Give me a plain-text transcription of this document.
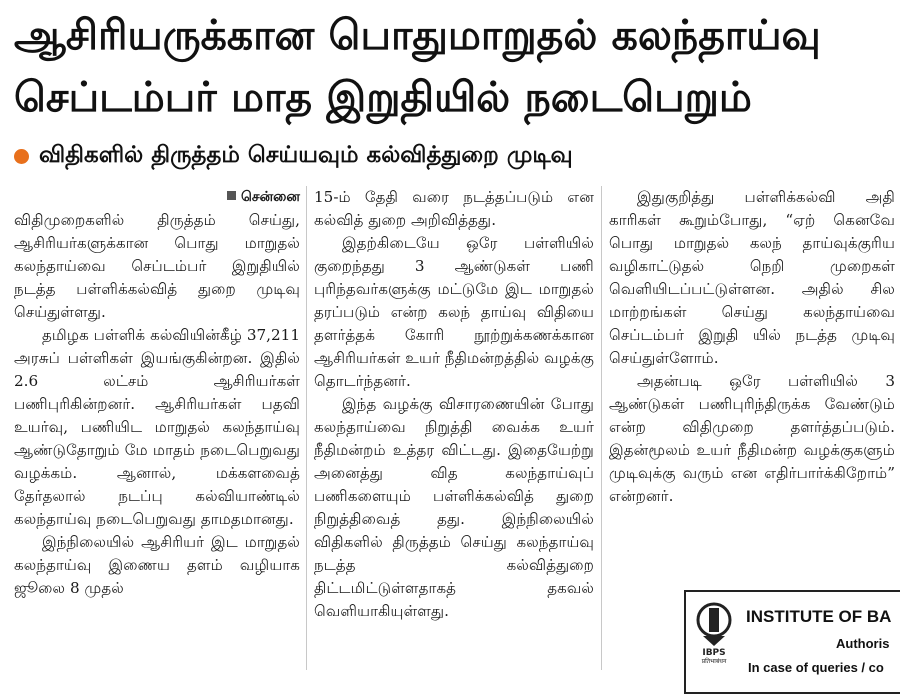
ஆசிரியருக்கான பொதுமாறுதல் கலந்தாய்வு
செப்டம்பர் மாத இறுதியில் நடைபெறும்
விதிகளில் திருத்தம் செய்யவும் கல்வித்துறை முடிவு
சென்னை

விதிமுறைகளில் திருத்தம் செய்து, ஆசிரியர்களுக்கான பொது மாறுதல் கலந்தாய்வை செப்டம்பர் இறுதியில் நடத்த பள்ளிக்கல்வித் துறை முடிவு செய்துள்ளது.

தமிழக பள்ளிக் கல்வியின்கீழ் 37,211 அரசுப் பள்ளிகள் இயங்குகின்றன. இதில் 2.6 லட்சம் ஆசிரியர்கள் பணிபுரிகின்றனர். ஆசிரியர்கள் பதவி உயர்வு, பணியிட மாறுதல் கலந்தாய்வு ஆண்டுதோறும் மே மாதம் நடைபெறுவது வழக்கம். ஆனால், மக்களவைத் தேர்தலால் நடப்பு கல்வியாண்டில் கலந்தாய்வு நடைபெறுவது தாமதமானது.

இந்நிலையில் ஆசிரியர் இட மாறுதல் கலந்தாய்வு இணைய தளம் வழியாக ஜூலை 8 முதல்

15-ம் தேதி வரை நடத்தப்படும் என கல்வித் துறை அறிவித்தது.

இதற்கிடையே ஒரே பள்ளியில் குறைந்தது 3 ஆண்டுகள் பணி புரிந்தவர்களுக்கு மட்டுமே இட மாறுதல் தரப்படும் என்ற கலந் தாய்வு விதியை தளர்த்தக் கோரி நூற்றுக்கணக்கான ஆசிரியர்கள் உயர் நீதிமன்றத்தில் வழக்கு தொடர்ந்தனர்.

இந்த வழக்கு விசாரணையின் போது கலந்தாய்வை நிறுத்தி வைக்க உயர் நீதிமன்றம் உத்தர விட்டது. இதையேற்று அனைத்து வித கலந்தாய்வுப் பணிகளையும் பள்ளிக்கல்வித் துறை நிறுத்திவைத் தது. இந்நிலையில் விதிகளில் திருத்தம் செய்து கலந்தாய்வு நடத்த கல்வித்துறை திட்டமிட்டுள்ளதாகத் தகவல் வெளியாகியுள்ளது.

இதுகுறித்து பள்ளிக்கல்வி அதி காரிகள் கூறும்போது, “ஏற் கெனவே பொது மாறுதல் கலந் தாய்வுக்குரிய வழிகாட்டுதல் நெறி முறைகள் வெளியிடப்பட்டுள்ளன. அதில் சில மாற்றங்கள் செய்து கலந்தாய்வை செப்டம்பர் இறுதி யில் நடத்த முடிவு செய்துள்ளோம்.

அதன்படி ஒரே பள்ளியில் 3 ஆண்டுகள் பணிபுரிந்திருக்க வேண்டும் என்ற விதிமுறை தளர்த்தப்படும். இதன்மூலம் உயர் நீதிமன்ற வழக்குகளும் முடிவுக்கு வரும் என எதிர்பார்க்கிறோம்” என்றனர்.

IBPS
प्रतिभाबंधन
INSTITUTE OF BA
Authoris
In case of queries / co
